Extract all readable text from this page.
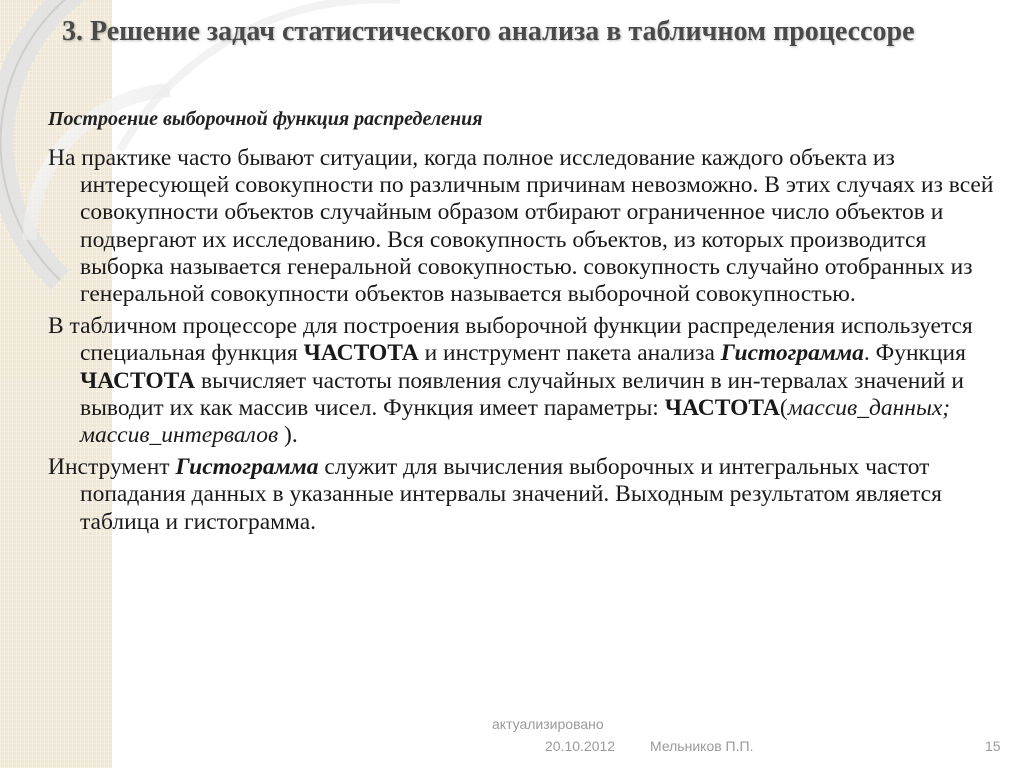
3. Решение задач статистического анализа в табличном процессоре
Построение выборочной функция распределения

На практике часто бывают ситуации, когда полное исследование каждого объекта из интересующей совокупности по различным причинам невозможно. В этих случаях из всей совокупности объектов случайным образом отбирают ограниченное число объектов и подвергают их исследованию. Вся совокупность объектов, из которых производится выборка называется генеральной совокупностью. совокупность случайно отобранных из генеральной совокупности объектов называется выборочной совокупностью.

В табличном процессоре для построения выборочной функции распределения используется специальная функция ЧАСТОТА и инструмент пакета анализа Гистограмма. Функция ЧАСТОТА вычисляет частоты появления случайных величин в ин-тервалах значений и выводит их как массив чисел. Функция имеет параметры: ЧАСТОТА(массив_данных; массив_интервалов ).

Инструмент Гистограмма служит для вычисления выборочных и интегральных частот попадания данных в указанные интервалы значений. Выходным результатом является таблица и гистограмма.

актуализировано
20.10.2012 Мельников П.П.	15
